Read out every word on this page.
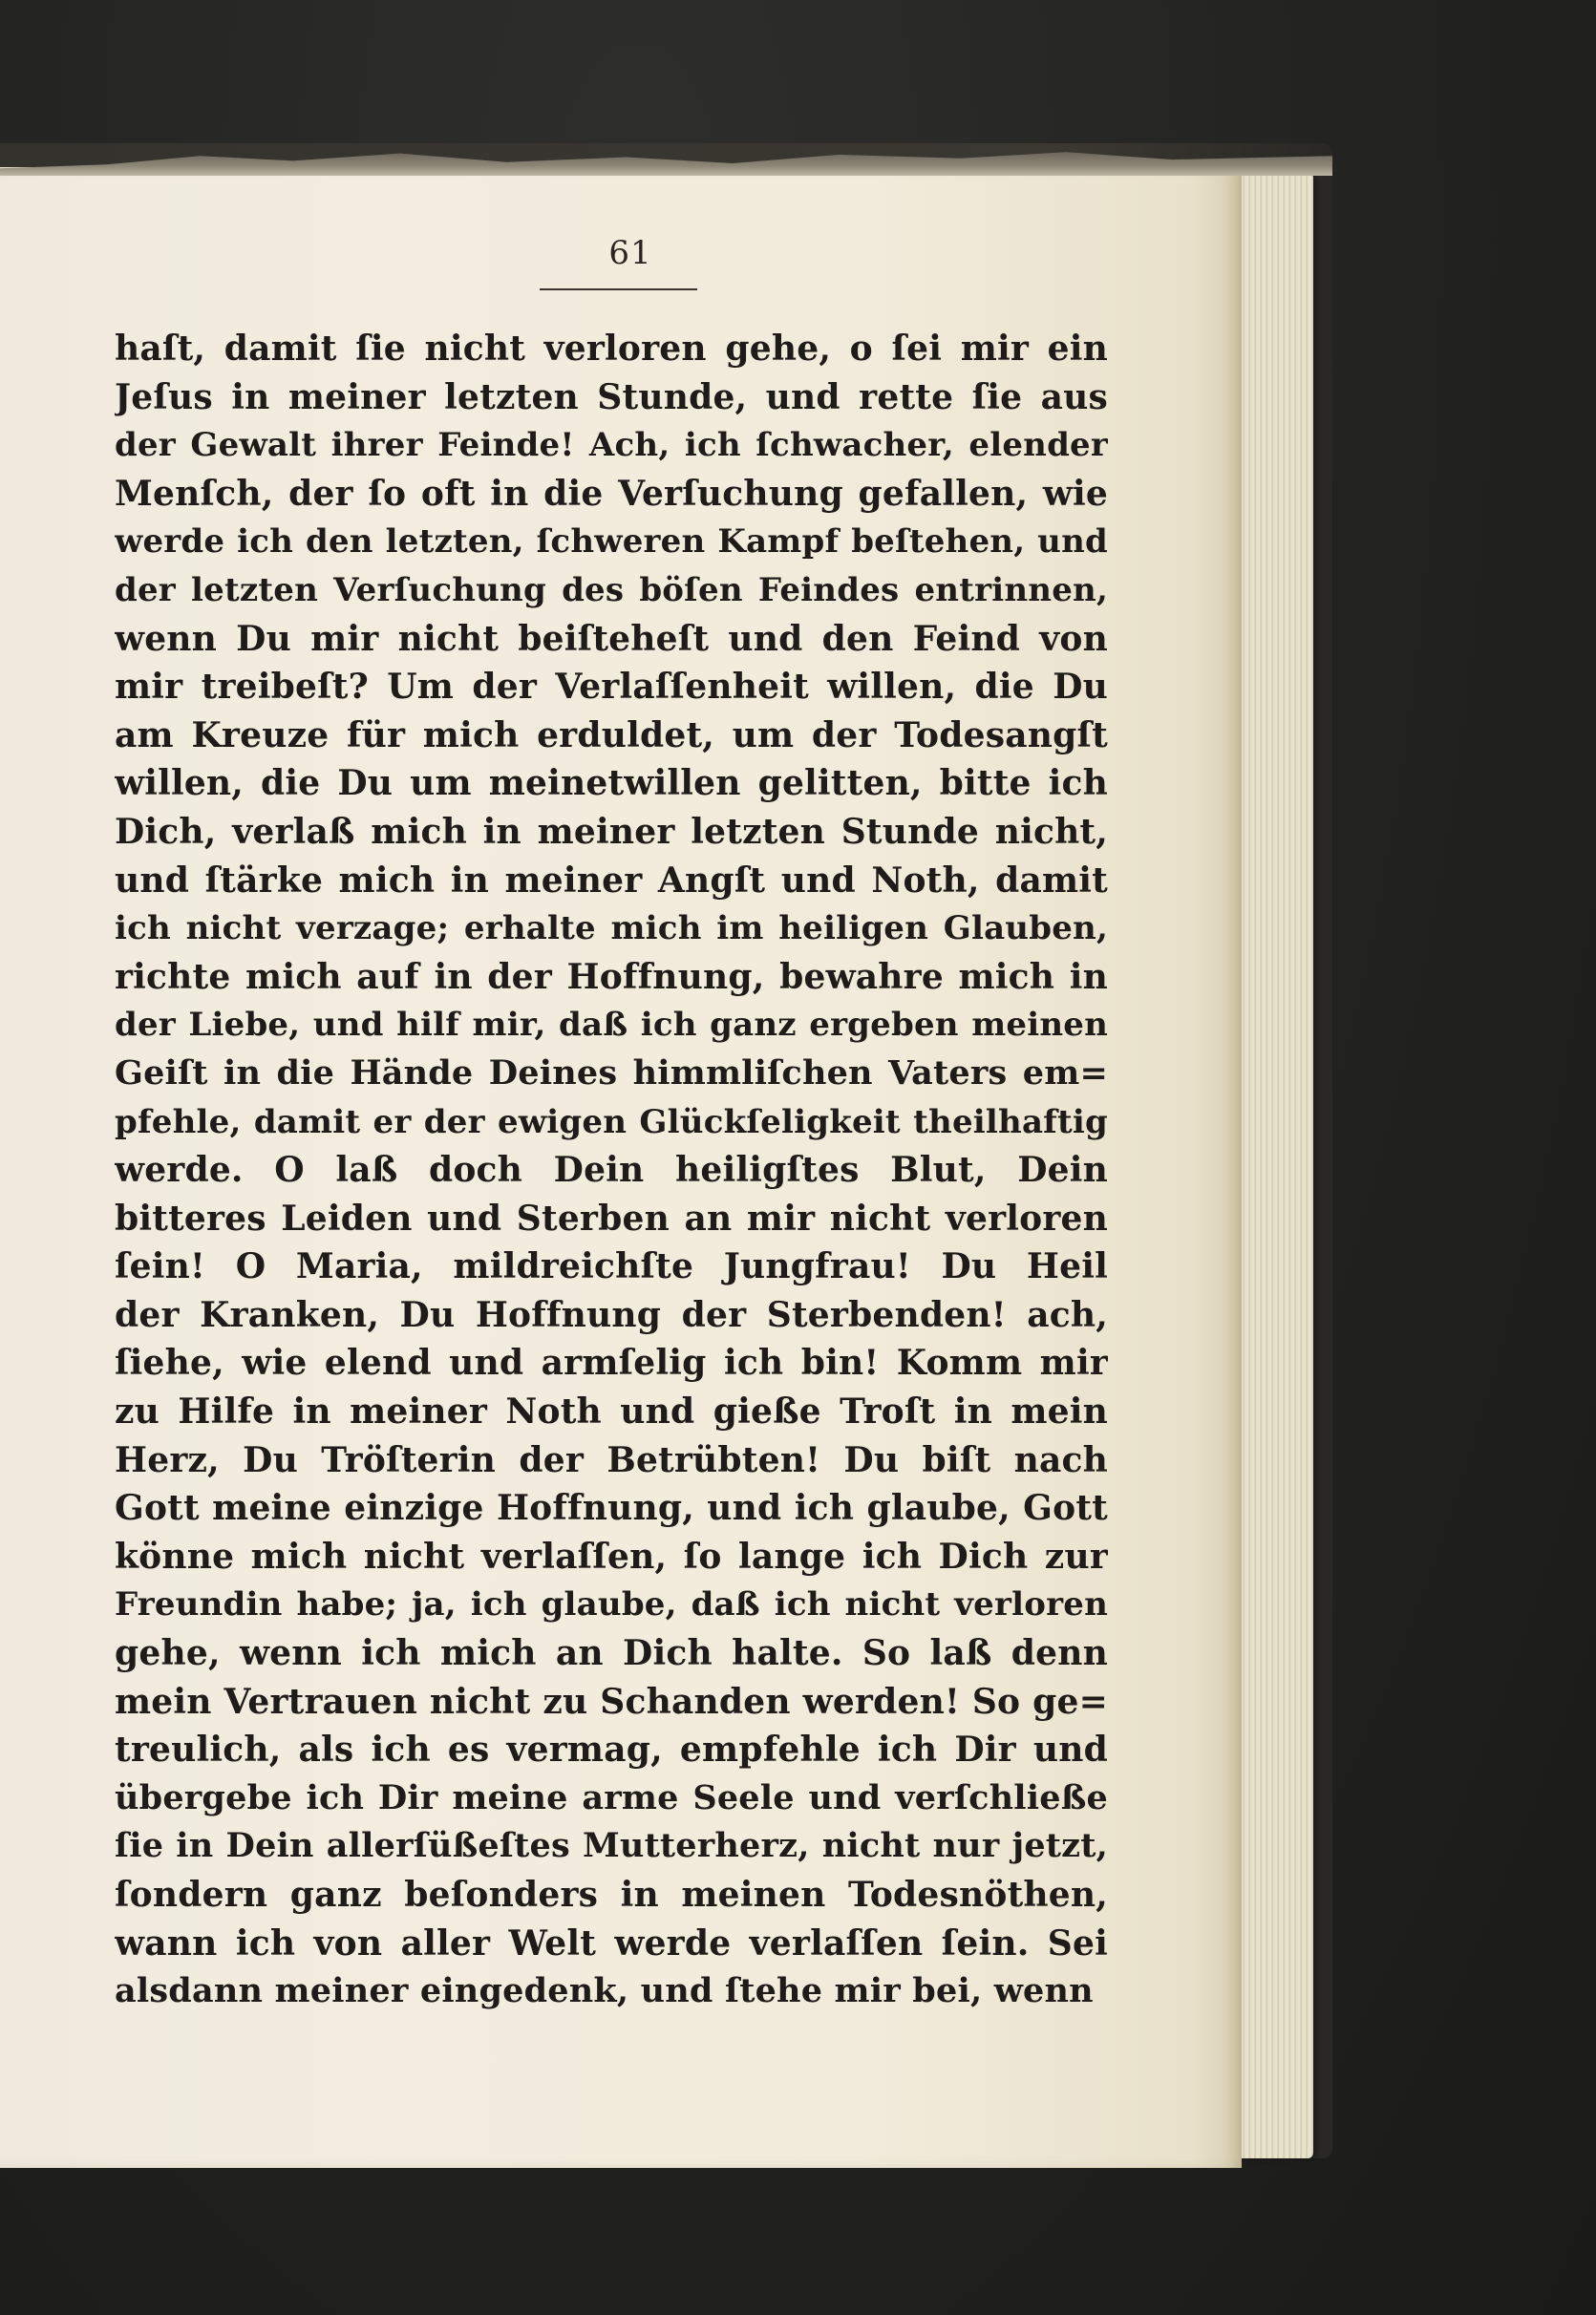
61
haſt, damit ſie nicht verloren gehe, o ſei mir ein
Jeſus in meiner letzten Stunde, und rette ſie aus
der Gewalt ihrer Feinde! Ach, ich ſchwacher, elender
Menſch, der ſo oft in die Verſuchung gefallen, wie
werde ich den letzten, ſchweren Kampf beſtehen, und
der letzten Verſuchung des böſen Feindes entrinnen,
wenn Du mir nicht beiſteheſt und den Feind von
mir treibeſt? Um der Verlaſſenheit willen, die Du
am Kreuze für mich erduldet, um der Todesangſt
willen, die Du um meinetwillen gelitten, bitte ich
Dich, verlaß mich in meiner letzten Stunde nicht,
und ſtärke mich in meiner Angſt und Noth, damit
ich nicht verzage; erhalte mich im heiligen Glauben,
richte mich auf in der Hoffnung, bewahre mich in
der Liebe, und hilf mir, daß ich ganz ergeben meinen
Geiſt in die Hände Deines himmliſchen Vaters em=
pfehle, damit er der ewigen Glückſeligkeit theilhaftig
werde. O laß doch Dein heiligſtes Blut, Dein
bitteres Leiden und Sterben an mir nicht verloren
ſein! O Maria, mildreichſte Jungfrau! Du Heil
der Kranken, Du Hoffnung der Sterbenden! ach,
ſiehe, wie elend und armſelig ich bin! Komm mir
zu Hilfe in meiner Noth und gieße Troſt in mein
Herz, Du Tröſterin der Betrübten! Du biſt nach
Gott meine einzige Hoffnung, und ich glaube, Gott
könne mich nicht verlaſſen, ſo lange ich Dich zur
Freundin habe; ja, ich glaube, daß ich nicht verloren
gehe, wenn ich mich an Dich halte. So laß denn
mein Vertrauen nicht zu Schanden werden! So ge=
treulich, als ich es vermag, empfehle ich Dir und
übergebe ich Dir meine arme Seele und verſchließe
ſie in Dein allerſüßeſtes Mutterherz, nicht nur jetzt,
ſondern ganz beſonders in meinen Todesnöthen,
wann ich von aller Welt werde verlaſſen ſein. Sei
alsdann meiner eingedenk, und ſtehe mir bei, wenn
